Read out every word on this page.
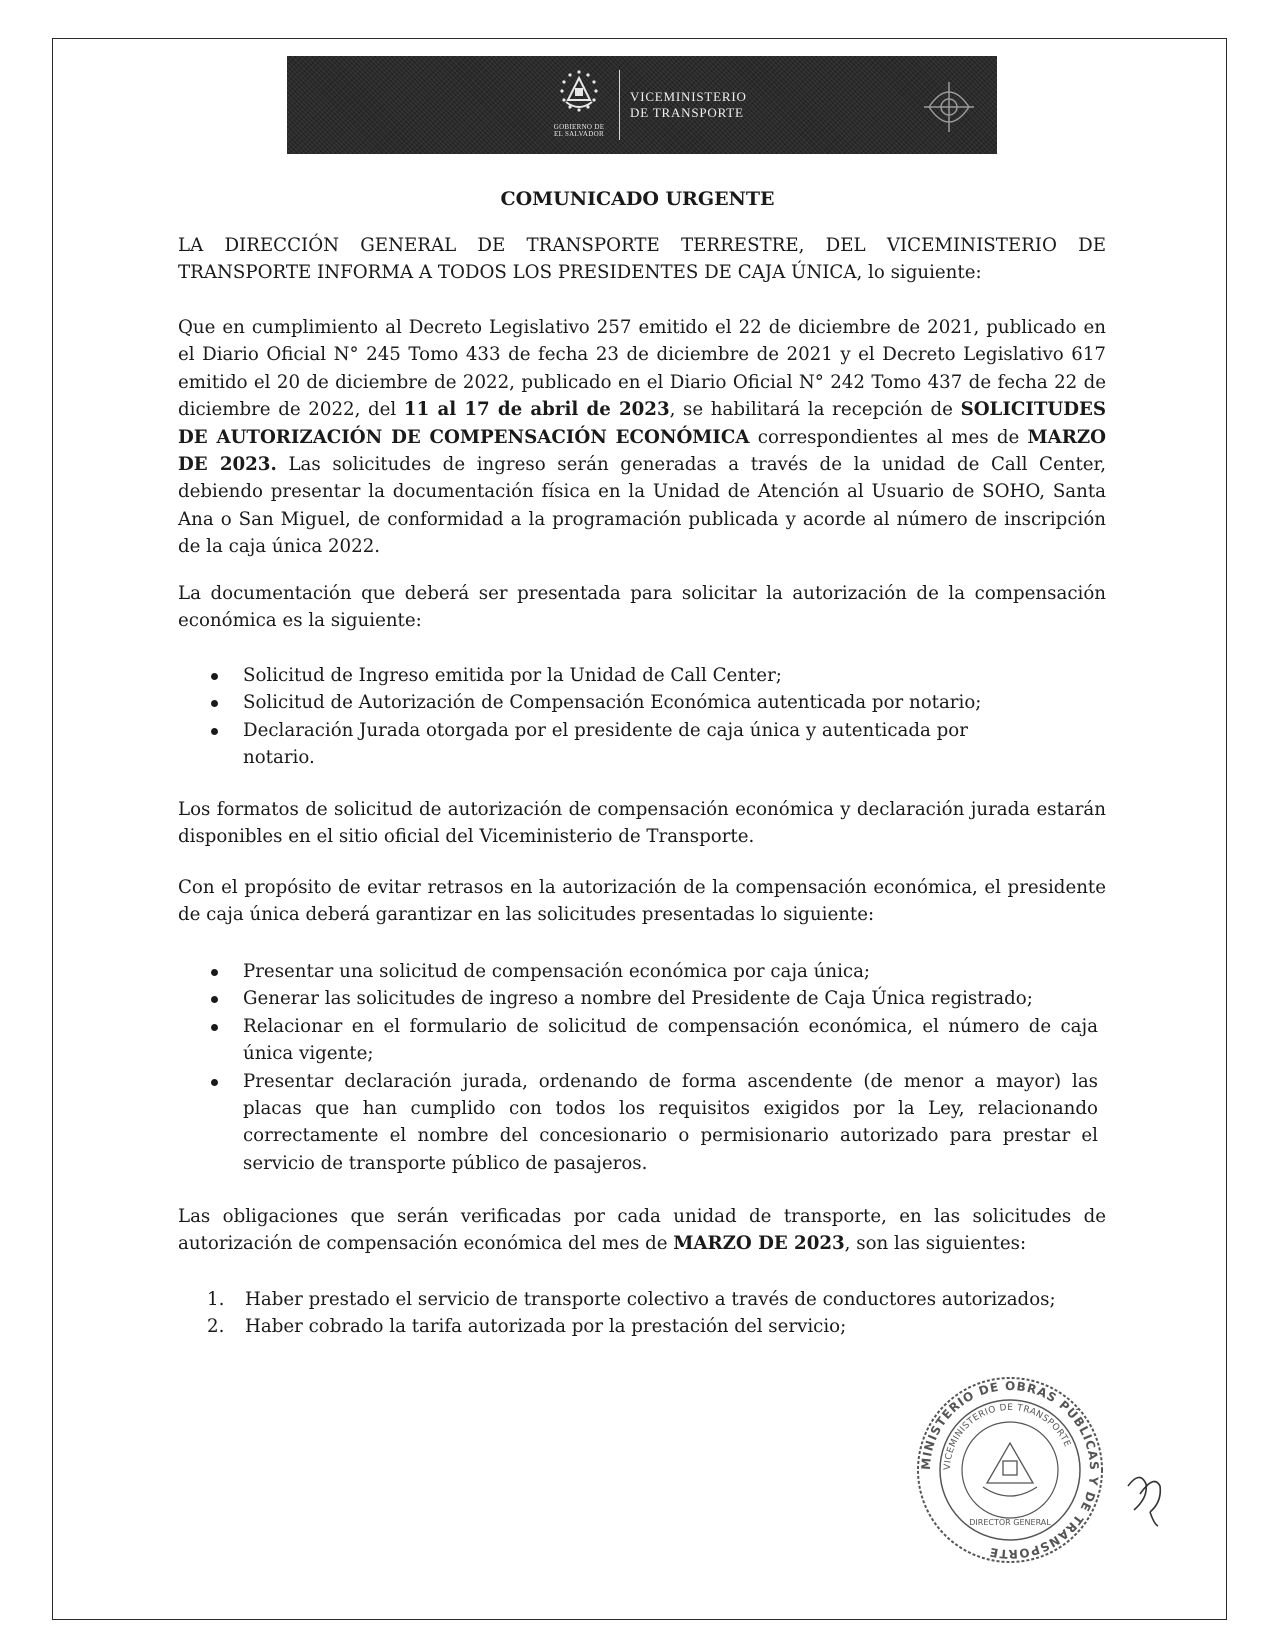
GOBIERNO DE
EL SALVADOR
VICEMINISTERIO
DE TRANSPORTE
COMUNICADO URGENTE

LA DIRECCIÓN GENERAL DE TRANSPORTE TERRESTRE, DEL VICEMINISTERIO DE TRANSPORTE INFORMA A TODOS LOS PRESIDENTES DE CAJA ÚNICA, lo siguiente:

Que en cumplimiento al Decreto Legislativo 257 emitido el 22 de diciembre de 2021, publicado en el Diario Oficial N° 245 Tomo 433 de fecha 23 de diciembre de 2021 y el Decreto Legislativo 617 emitido el 20 de diciembre de 2022, publicado en el Diario Oficial N° 242 Tomo 437 de fecha 22 de diciembre de 2022, del 11 al 17 de abril de 2023, se habilitará la recepción de SOLICITUDES DE AUTORIZACIÓN DE COMPENSACIÓN ECONÓMICA correspondientes al mes de MARZO DE 2023. Las solicitudes de ingreso serán generadas a través de la unidad de Call Center, debiendo presentar la documentación física en la Unidad de Atención al Usuario de SOHO, Santa Ana o San Miguel, de conformidad a la programación publicada y acorde al número de inscripción de la caja única 2022.

La documentación que deberá ser presentada para solicitar la autorización de la compensación económica es la siguiente:

Solicitud de Ingreso emitida por la Unidad de Call Center;
Solicitud de Autorización de Compensación Económica autenticada por notario;
Declaración Jurada otorgada por el presidente de caja única y autenticada por notario.

Los formatos de solicitud de autorización de compensación económica y declaración jurada estarán disponibles en el sitio oficial del Viceministerio de Transporte.

Con el propósito de evitar retrasos en la autorización de la compensación económica, el presidente de caja única deberá garantizar en las solicitudes presentadas lo siguiente:

Presentar una solicitud de compensación económica por caja única;
Generar las solicitudes de ingreso a nombre del Presidente de Caja Única registrado;
Relacionar en el formulario de solicitud de compensación económica, el número de caja única vigente;
Presentar declaración jurada, ordenando de forma ascendente (de menor a mayor) las placas que han cumplido con todos los requisitos exigidos por la Ley, relacionando correctamente el nombre del concesionario o permisionario autorizado para prestar el servicio de transporte público de pasajeros.

Las obligaciones que serán verificadas por cada unidad de transporte, en las solicitudes de autorización de compensación económica del mes de MARZO DE 2023, son las siguientes:

1. Haber prestado el servicio de transporte colectivo a través de conductores autorizados;
2. Haber cobrado la tarifa autorizada por la prestación del servicio;
MINISTERIO DE OBRAS PÚBLICAS Y DE TRANSPORTE
VICEMINISTERIO DE TRANSPORTE
DIRECTOR GENERAL
